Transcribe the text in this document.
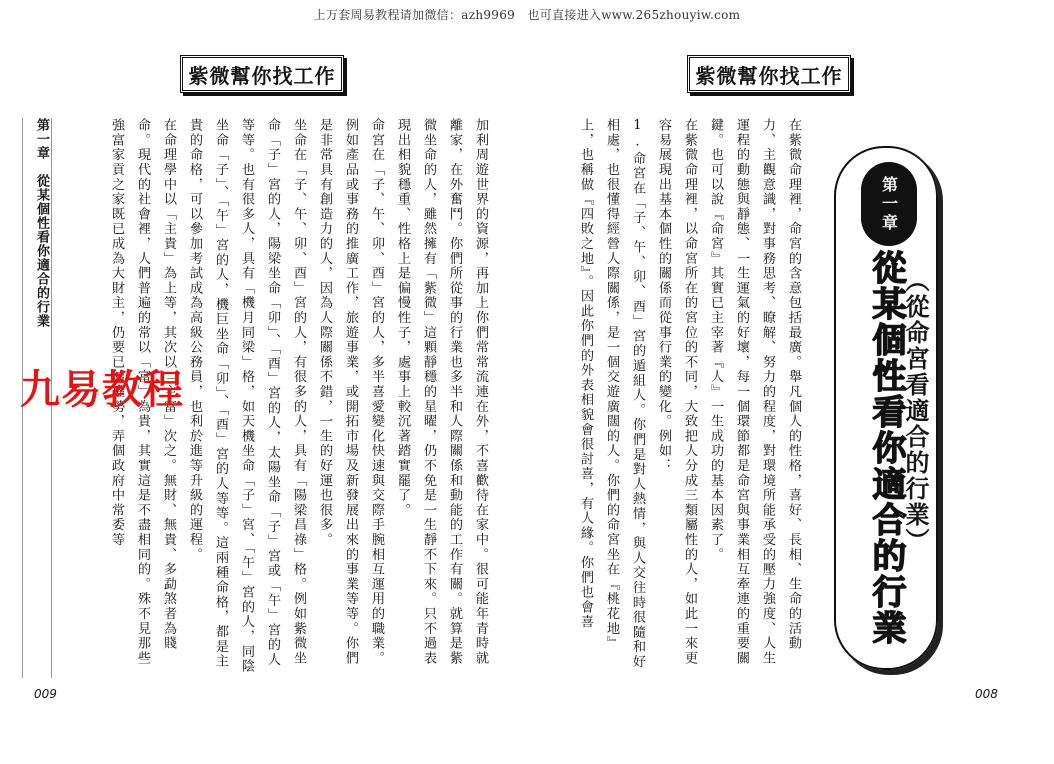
上万套周易教程请加微信：azh9969　也可直接进入www.265zhouyiw.com
紫微幫你找工作

加利周遊世界的資源，再加上你們常常流連在外，不喜歡待在家中。很可能年青時就離家，在外奮鬥。你們所從事的行業也多半和人際關係和動能的工作有關。就算是紫微坐命的人，雖然擁有「紫微」這顆靜穩的星曜，仍不免是一生靜不下來。只不過表現出相貌穩重、性格上是偏慢性子，處事上較沉著踏實罷了。

命宮在「子、午、卯、酉」宮的人，多半喜愛變化快速與交際手腕相互運用的職業。例如產品或事務的推廣工作，旅遊事業，或開拓市場及新發展出來的事業等等。你們是非常具有創造力的人，因為人際關係不錯，一生的好運也很多。

坐命在「子、午、卯、酉」宮的人，有很多的人，具有「陽梁昌祿」格。例如紫微坐命「子」宮的人，陽梁坐命「卯」、「酉」宮的人，太陽坐命「子」宮或「午」宮的人等等。也有很多人，具有「機月同梁」格，如天機坐命「子」宮、「午」宮的人，同陰坐命「子」、「午」宮的人，機巨坐命「卯」、「酉」宮的人等等。這兩種命格，都是主貴的命格，可以參加考試成為高級公務員，也利於進等升級的運程。

在命理學中以「主貴」為上等，其次以「主富」次之。無財、無貴、多勐煞者為賤命。現代的社會裡，人們普遍的常以「富」為貴，其實這是不盡相同的。殊不見那些強富家貢之家既已成為大財主，仍要已結權勢，弄個政府中常委等

第一章　從某個性看你適合的行業
009
紫微幫你找工作

在紫微命理裡，命宮的含意包括最廣。舉凡個人的性格，喜好、長相、生命的活動力、主觀意識，對事務思考、瞭解、努力的程度，對環境所能承受的壓力強度、人生運程的動態與靜態、一生運氣的好壞，每一個環節都是命宮與事業相互牽連的重要關鍵。也可以說『命宮』其實已主宰著『人』一生成功的基本因素了。

在紫微命理裡，以命宮所在的宮位的不同，大致把人分成三類屬性的人，如此一來更容易展現出基本個性的關係而從事行業的變化。例如：

1.命宮在「子、午、卯、酉」宮的遁組人。你們是對人熱情，與人交往時很隨和好相處，也很懂得經營人際關係，是一個交遊廣闊的人。你們的命宮坐在『桃花地』上，也稱做『四敗之地』。因此你們的外表相貌會很討喜，有人緣。你們也會喜	第一章
從某個性看你適合的行業
（從命宮看適合的行業）
008
九易教程
